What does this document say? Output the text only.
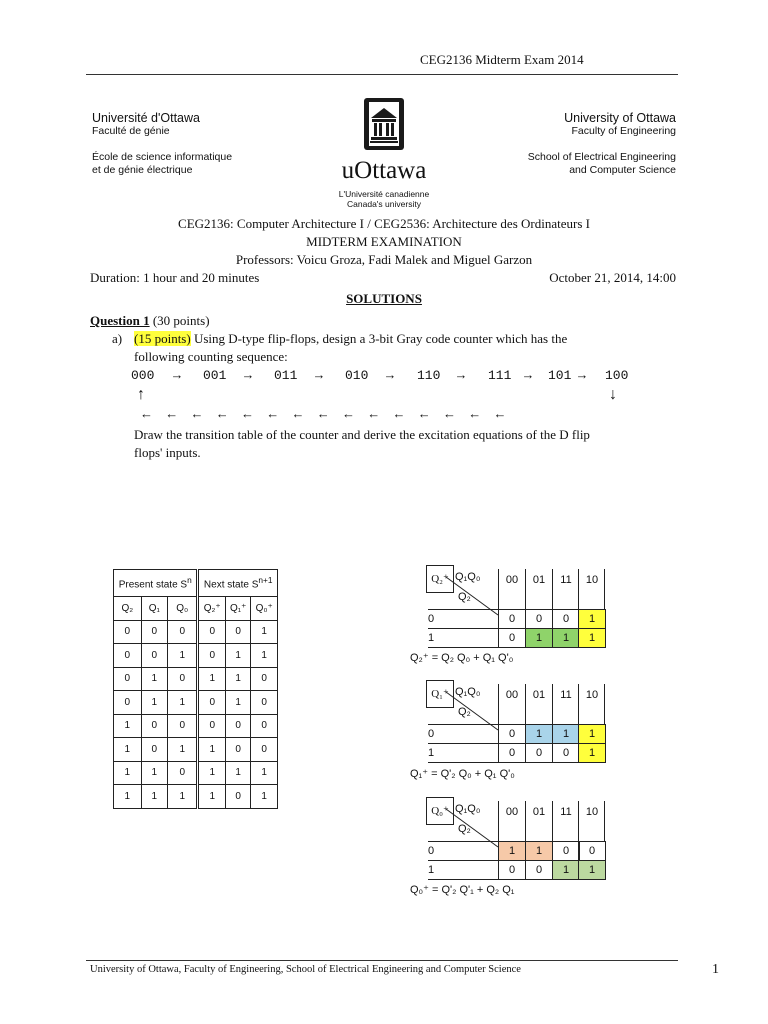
CEG2136 Midterm Exam 2014
Université d'Ottawa
Faculté de génie
École de science informatique
et de génie électrique	uOttawa
L'Université canadienne
Canada's university
University of Ottawa
Faculty of Engineering
School of Electrical Engineering
and Computer Science
CEG2136: Computer Architecture I / CEG2536: Architecture des Ordinateurs I
MIDTERM EXAMINATION
Professors: Voicu Groza, Fadi Malek and Miguel Garzon
Duration: 1 hour and 20 minutes	October 21, 2014, 14:00
SOLUTIONS
Question 1 (30 points)
a) (15 points) Using D-type flip-flops, design a 3-bit Gray code counter which has the
following counting sequence:
000 → 001 → 011 → 010 → 110 → 111 → 101 → 100
↑	↓
← ← ← ← ← ← ← ← ← ← ← ← ← ← ←
Draw the transition table of the counter and derive the excitation equations of the D flip
flops' inputs.
Present state $S^n$			Next state $S^{n+1}$
Q₂	Q₁	Q₀	Q₂⁺	Q₁⁺	Q₀⁺
0	0	0	0	0	1
0	0	1	0	1	1
0	1	0	1	1	0
0	1	1	0	1	0
1	0	0	0	0	0
1	0	1	1	0	0
1	1	0	1	1	1
1	1	1	1	0	1
Q₂⁺ Q₁Q₀
Q₂
00	01	11	10
0	0	0	0	1
1	0	1	1	1
Q₂⁺ = Q₂ Q₀ + Q₁ Q'₀
Q₁⁺ Q₁Q₀
Q₂
00	01	11	10
0	0	1	1	1
1	0	0	0	1
Q₁⁺ = Q'₂ Q₀ + Q₁ Q'₀
Q₀⁺ Q₁Q₀
Q₂
00	01	11	10
0	1	1	0	0
1	0	0	1	1
Q₀⁺ = Q'₂ Q'₁ + Q₂ Q₁
University of Ottawa, Faculty of Engineering, School of Electrical Engineering and Computer Science	1
